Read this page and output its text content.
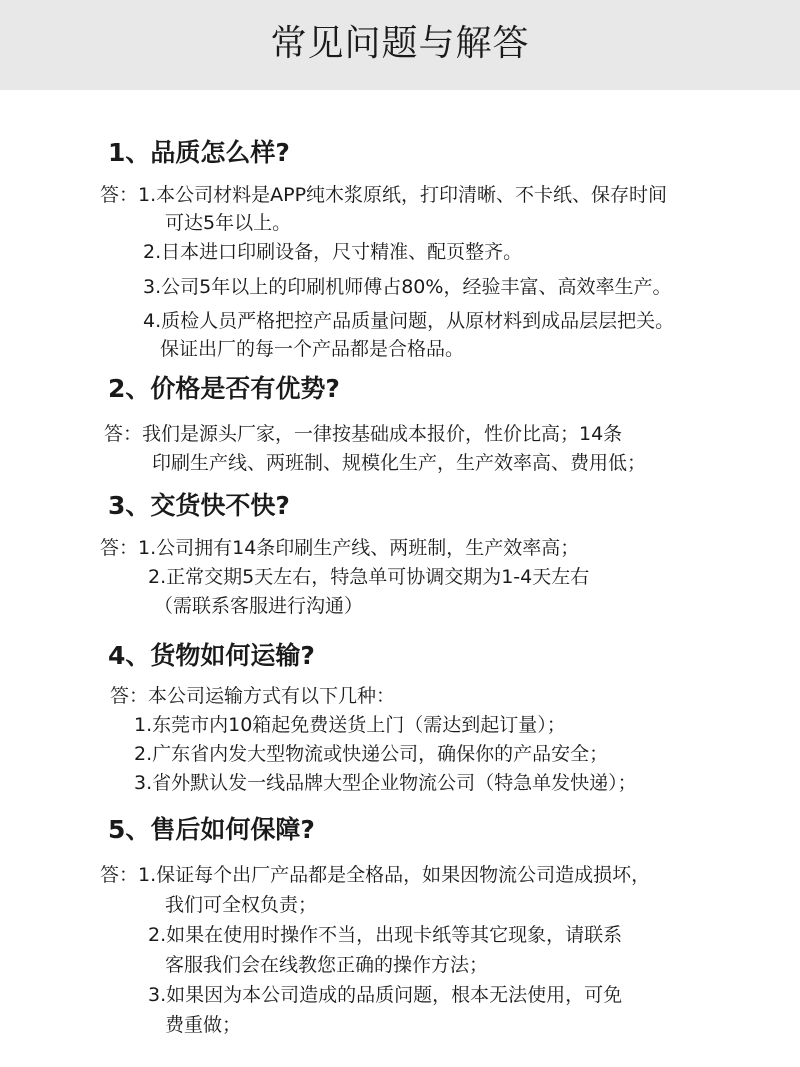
常见问题与解答
1、品质怎么样?
答：1.本公司材料是APP纯木浆原纸，打印清晰、不卡纸、保存时间
可达5年以上。
2.日本进口印刷设备，尺寸精准、配页整齐。
3.公司5年以上的印刷机师傅占80%，经验丰富、高效率生产。
4.质检人员严格把控产品质量问题，从原材料到成品层层把关。
保证出厂的每一个产品都是合格品。
2、价格是否有优势?
答：我们是源头厂家，一律按基础成本报价，性价比高；14条
印刷生产线、两班制、规模化生产，生产效率高、费用低；
3、交货快不快?
答：1.公司拥有14条印刷生产线、两班制，生产效率高；
2.正常交期5天左右，特急单可协调交期为1-4天左右
（需联系客服进行沟通）
4、货物如何运输?
答：本公司运输方式有以下几种：
1.东莞市内10箱起免费送货上门（需达到起订量）；
2.广东省内发大型物流或快递公司，确保你的产品安全；
3.省外默认发一线品牌大型企业物流公司（特急单发快递）；
5、售后如何保障?
答：1.保证每个出厂产品都是全格品，如果因物流公司造成损坏，
我们可全权负责；
2.如果在使用时操作不当，出现卡纸等其它现象，请联系
客服我们会在线教您正确的操作方法；
3.如果因为本公司造成的品质问题，根本无法使用，可免
费重做；
